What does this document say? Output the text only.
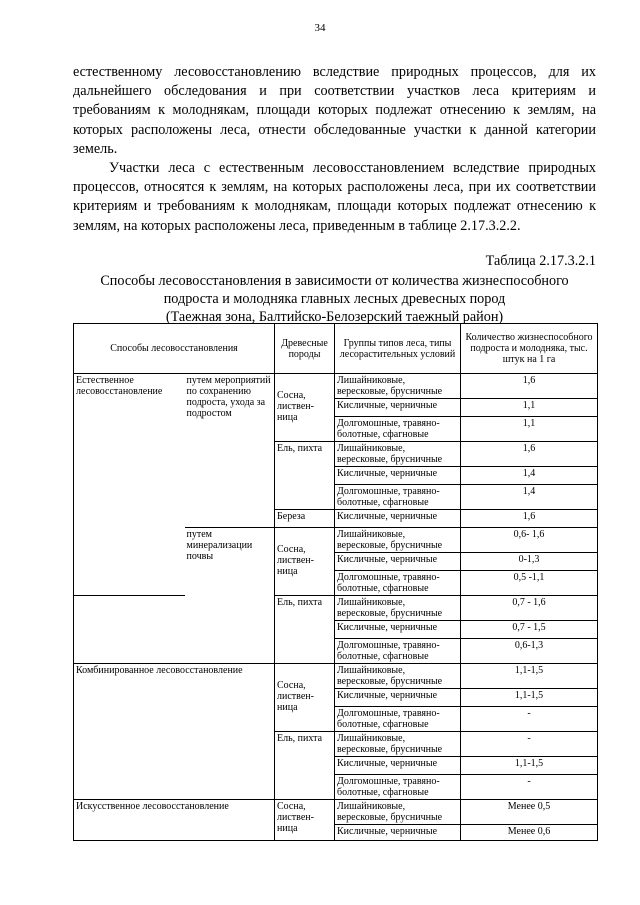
34
естественному лесовосстановлению вследствие природных процессов, для их дальнейшего обследования и при соответствии участков леса критериям и требованиям к молоднякам, площади которых подлежат отнесению к землям, на которых расположены леса, отнести обследованные участки к данной категории земель.
Участки леса с естественным лесовосстановлением вследствие природных процессов, относятся к землям, на которых расположены леса, при их соответствии критериям и требованиям к молоднякам, площади которых подлежат отнесению к землям, на которых расположены леса, приведенным в таблице 2.17.3.2.2.
Таблица 2.17.3.2.1
Способы лесовосстановления в зависимости от количества жизнеспособного
подроста и молодняка главных лесных древесных пород
(Таежная зона, Балтийско-Белозерский таежный район)
Способы лесовосстановления		Древесные породы	Группы типов леса, типы лесорастительных условий	Количество жизнеспособного подроста и молодняка, тыс. штук на 1 га
Естественное лесовосстановление	путем мероприятий по сохранению подроста, ухода за подростом	Сосна, листвен- ница	Лишайниковые, вересковые, брусничные	1,6
			Кисличные, черничные	1,1
			Долгомошные, травяно- болотные, сфагновые	1,1
		Ель, пихта	Лишайниковые, вересковые, брусничные	1,6
			Кисличные, черничные	1,4
			Долгомошные, травяно- болотные, сфагновые	1,4
		Береза	Кисличные, черничные	1,6
	путем минерализации почвы	Сосна, листвен- ница	Лишайниковые, вересковые, брусничные	0,6- 1,6
			Кисличные, черничные	0-1,3
			Долгомошные, травяно- болотные, сфагновые	0,5 -1,1
		Ель, пихта	Лишайниковые, вересковые, брусничные	0,7 - 1,6
			Кисличные, черничные	0,7 - 1,5
			Долгомошные, травяно- болотные, сфагновые	0,6-1,3
Комбинированное лесовосстановление		Сосна, листвен- ница	Лишайниковые, вересковые, брусничные	1,1-1,5
			Кисличные, черничные	1,1-1,5
			Долгомошные, травяно- болотные, сфагновые	-
		Ель, пихта	Лишайниковые, вересковые, брусничные	-
			Кисличные, черничные	1,1-1,5
			Долгомошные, травяно- болотные, сфагновые	-
Искусственное лесовосстановление		Сосна, листвен- ница	Лишайниковые, вересковые, брусничные	Менее 0,5
			Кисличные, черничные	Менее 0,6
